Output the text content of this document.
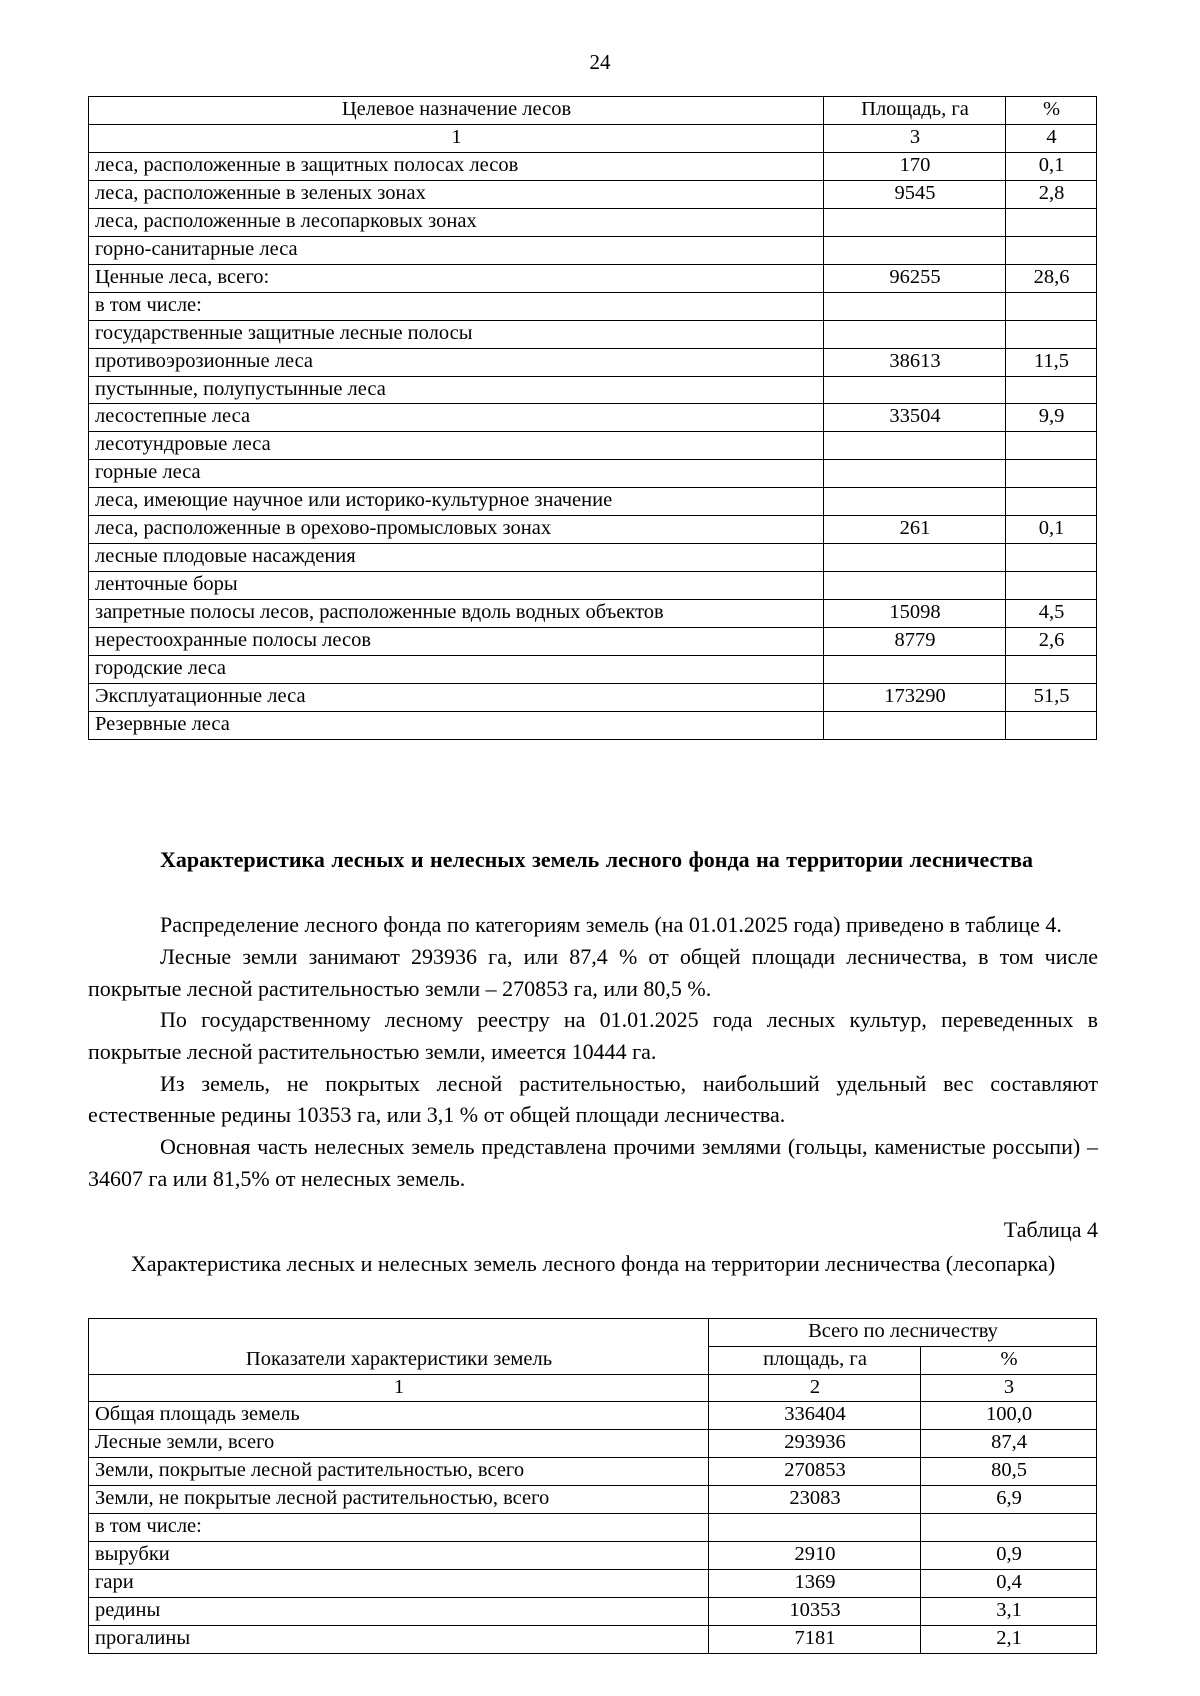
24
Целевое назначение лесов	Площадь, га	%
1	3	4
леса, расположенные в защитных полосах лесов	170	0,1
леса, расположенные в зеленых зонах	9545	2,8
леса, расположенные в лесопарковых зонах		
горно-санитарные леса		
Ценные леса, всего:	96255	28,6
в том числе:		
государственные защитные лесные полосы		
противоэрозионные леса	38613	11,5
пустынные, полупустынные леса		
лесостепные леса	33504	9,9
лесотундровые леса		
горные леса		
леса, имеющие научное или историко-культурное значение		
леса, расположенные в орехово-промысловых зонах	261	0,1
лесные плодовые насаждения		
ленточные боры		
запретные полосы лесов, расположенные вдоль водных объектов	15098	4,5
нерестоохранные полосы лесов	8779	2,6
городские леса		
Эксплуатационные леса	173290	51,5
Резервные леса		

Характеристика лесных и нелесных земель лесного фонда на территории лесничества

Распределение лесного фонда по категориям земель (на 01.01.2025 года) приведено в таблице 4.

Лесные земли занимают 293936 га, или 87,4 % от общей площади лесничества, в том числе покрытые лесной растительностью земли – 270853 га, или 80,5 %.

По государственному лесному реестру на 01.01.2025 года лесных культур, переведенных в покрытые лесной растительностью земли, имеется 10444 га.

Из земель, не покрытых лесной растительностью, наибольший удельный вес составляют естественные редины 10353 га, или 3,1 % от общей площади лесничества.

Основная часть нелесных земель представлена прочими землями (гольцы, каменистые россыпи) – 34607 га или 81,5% от нелесных земель.

Таблица 4

Характеристика лесных и нелесных земель лесного фонда на территории лесничества (лесопарка)

Показатели характеристики земель	Всего по лесничеству	
	площадь, га	%
1	2	3
Общая площадь земель	336404	100,0
Лесные земли, всего	293936	87,4
Земли, покрытые лесной растительностью, всего	270853	80,5
Земли, не покрытые лесной растительностью, всего	23083	6,9
в том числе:		
вырубки	2910	0,9
гари	1369	0,4
редины	10353	3,1
прогалины	7181	2,1
